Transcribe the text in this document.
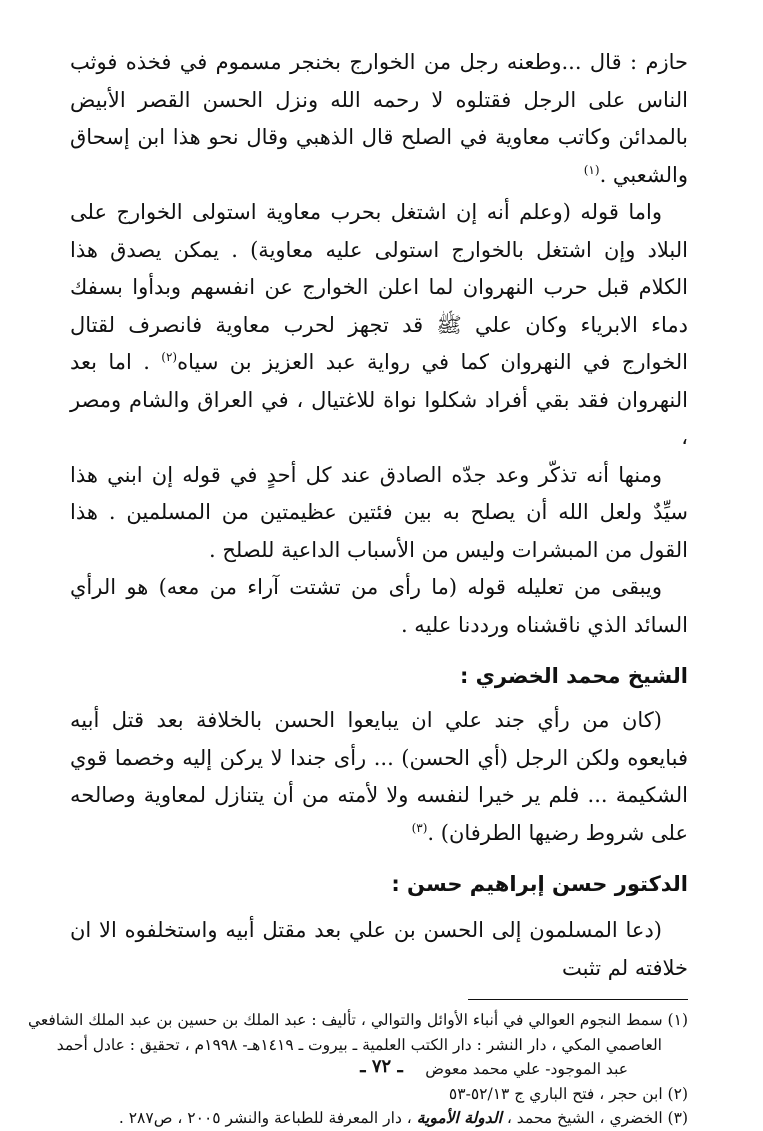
حازم : قال ...وطعنه رجل من الخوارج بخنجر مسموم في فخذه فوثب الناس على الرجل فقتلوه لا رحمه الله ونزل الحسن القصر الأبيض بالمدائن وكاتب معاوية في الصلح قال الذهبي وقال نحو هذا ابن إسحاق والشعبي .$^{(١)}$

واما قوله (وعلم أنه إن اشتغل بحرب معاوية استولى الخوارج على البلاد وإن اشتغل بالخوارج استولى عليه معاوية) . يمكن يصدق هذا الكلام قبل حرب النهروان لما اعلن الخوارج عن انفسهم وبدأوا بسفك دماء الابرياء وكان علي ﷺ قد تجهز لحرب معاوية فانصرف لقتال الخوارج في النهروان كما في رواية عبد العزيز بن سياه$^{(٢)}$ . اما بعد النهروان فقد بقي أفراد شكلوا نواة للاغتيال ، في العراق والشام ومصر ،

ومنها أنه تذكّر وعد جدّه الصادق عند كل أحدٍ في قوله إن ابني هذا سيِّدٌ ولعل الله أن يصلح به بين فئتين عظيمتين من المسلمين . هذا القول من المبشرات وليس من الأسباب الداعية للصلح .

ويبقى من تعليله قوله (ما رأى من تشتت آراء من معه) هو الرأي السائد الذي ناقشناه ورددنا عليه .

الشيخ محمد الخضري :

(كان من رأي جند علي ان يبايعوا الحسن بالخلافة بعد قتل أبيه فبايعوه ولكن الرجل (أي الحسن) ... رأى جندا لا يركن إليه وخصما قوي الشكيمة ... فلم ير خيرا لنفسه ولا لأمته من أن يتنازل لمعاوية وصالحه على شروط رضيها الطرفان) .$^{(٣)}$

الدكتور حسن إبراهيم حسن :

(دعا المسلمون إلى الحسن بن علي بعد مقتل أبيه واستخلفوه الا ان خلافته لم تثبت

(١) سمط النجوم العوالي في أنباء الأوائل والتوالي ، تأليف : عبد الملك بن حسين بن عبد الملك الشافعي

العاصمي المكي ، دار النشر : دار الكتب العلمية ـ بيروت ـ ١٤١٩هـ- ١٩٩٨م ، تحقيق : عادل أحمد

عبد الموجود- علي محمد معوض

(٢) ابن حجر ، فتح الباري ج ٥٢/١٣-٥٣

(٣) الخضري ، الشيخ محمد ، الدولة الأموية ، دار المعرفة للطباعة والنشر ٢٠٠٥ ، ص٢٨٧ .

ـ ٧٢ ـ
